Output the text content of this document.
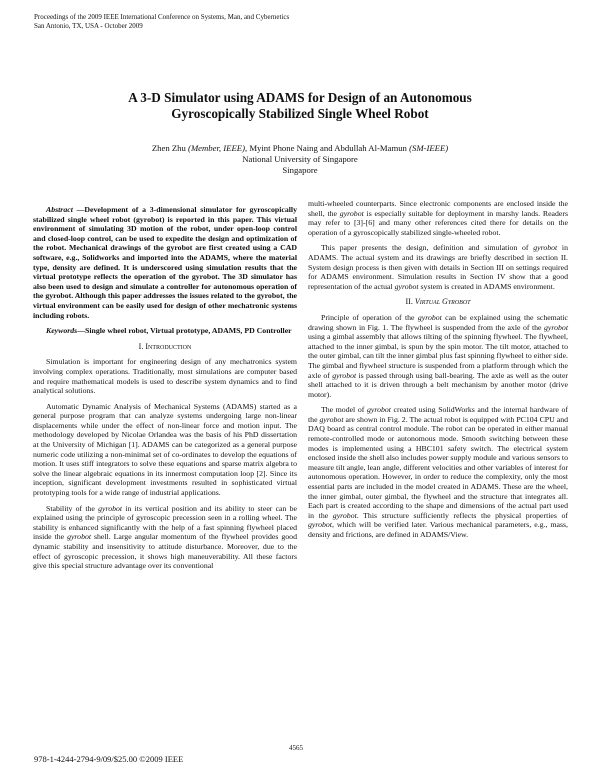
Proceedings of the 2009 IEEE International Conference on Systems, Man, and Cybernetics
San Antonio, TX, USA - October 2009
A 3-D Simulator using ADAMS for Design of an Autonomous
Gyroscopically Stabilized Single Wheel Robot
Zhen Zhu (Member, IEEE), Myint Phone Naing and Abdullah Al-Mamun (SM-IEEE)
National University of Singapore
Singapore

Abstract —Development of a 3-dimensional simulator for gyroscopically stabilized single wheel robot (gyrobot) is reported in this paper. This virtual environment of simulating 3D motion of the robot, under open-loop control and closed-loop control, can be used to expedite the design and optimization of the robot. Mechanical drawings of the gyrobot are first created using a CAD software, e.g., Solidworks and imported into the ADAMS, where the material type, density are defined. It is underscored using simulation results that the virtual prototype reflects the operation of the gyrobot. The 3D simulator has also been used to design and simulate a controller for autonomous operation of the gyrobot. Although this paper addresses the issues related to the gyrobot, the virtual environment can be easily used for design of other mechatronic systems including robots.

Keywords—Single wheel robot, Virtual prototype, ADAMS, PD Controller

I. Introduction

Simulation is important for engineering design of any mechatronics system involving complex operations. Traditionally, most simulations are computer based and require mathematical models is used to describe system dynamics and to find analytical solutions.

Automatic Dynamic Analysis of Mechanical Systems (ADAMS) started as a general purpose program that can analyze systems undergoing large non-linear displacements while under the effect of non-linear force and motion input. The methodology developed by Nicolae Orlandea was the basis of his PhD dissertation at the University of Michigan [1]. ADAMS can be categorized as a general purpose numeric code utilizing a non-minimal set of co-ordinates to develop the equations of motion. It uses stiff integrators to solve these equations and sparse matrix algebra to solve the linear algebraic equations in its innermost computation loop [2]. Since its inception, significant development investments resulted in sophisticated virtual prototyping tools for a wide range of industrial applications.

Stability of the gyrobot in its vertical position and its ability to steer can be explained using the principle of gyroscopic precession seen in a rolling wheel. The stability is enhanced significantly with the help of a fast spinning flywheel placed inside the gyrobot shell. Large angular momentum of the flywheel provides good dynamic stability and insensitivity to attitude disturbance. Moreover, due to the effect of gyroscopic precession, it shows high maneuverability. All these factors give this special structure advantage over its conventional

multi-wheeled counterparts. Since electronic components are enclosed inside the shell, the gyrobot is especially suitable for deployment in marshy lands. Readers may refer to [3]-[6] and many other references cited there for details on the operation of a gyroscopically stabilized single-wheeled robot.

This paper presents the design, definition and simulation of gyrobot in ADAMS. The actual system and its drawings are briefly described in section II. System design process is then given with details in Section III on settings required for ADAMS environment. Simulation results in Section IV show that a good representation of the actual gyrobot system is created in ADAMS environment.

II. Virtual Gyrobot

Principle of operation of the gyrobot can be explained using the schematic drawing shown in Fig. 1. The flywheel is suspended from the axle of the gyrobot using a gimbal assembly that allows tilting of the spinning flywheel. The flywheel, attached to the inner gimbal, is spun by the spin motor. The tilt motor, attached to the outer gimbal, can tilt the inner gimbal plus fast spinning flywheel to either side. The gimbal and flywheel structure is suspended from a platform through which the axle of gyrobot is passed through using ball-bearing. The axle as well as the outer shell attached to it is driven through a belt mechanism by another motor (drive motor).

The model of gyrobot created using SolidWorks and the internal hardware of the gyrobot are shown in Fig. 2. The actual robot is equipped with PC104 CPU and DAQ board as central control module. The robot can be operated in either manual remote-controlled mode or autonomous mode. Smooth switching between these modes is implemented using a HBC101 safety switch. The electrical system enclosed inside the shell also includes power supply module and various sensors to measure tilt angle, lean angle, different velocities and other variables of interest for autonomous operation. However, in order to reduce the complexity, only the most essential parts are included in the model created in ADAMS. These are the wheel, the inner gimbal, outer gimbal, the flywheel and the structure that integrates all. Each part is created according to the shape and dimensions of the actual part used in the gyrobot. This structure sufficiently reflects the physical properties of gyrobot, which will be verified later. Various mechanical parameters, e.g., mass, density and frictions, are defined in ADAMS/View.

4565
978-1-4244-2794-9/09/$25.00 ©2009 IEEE
